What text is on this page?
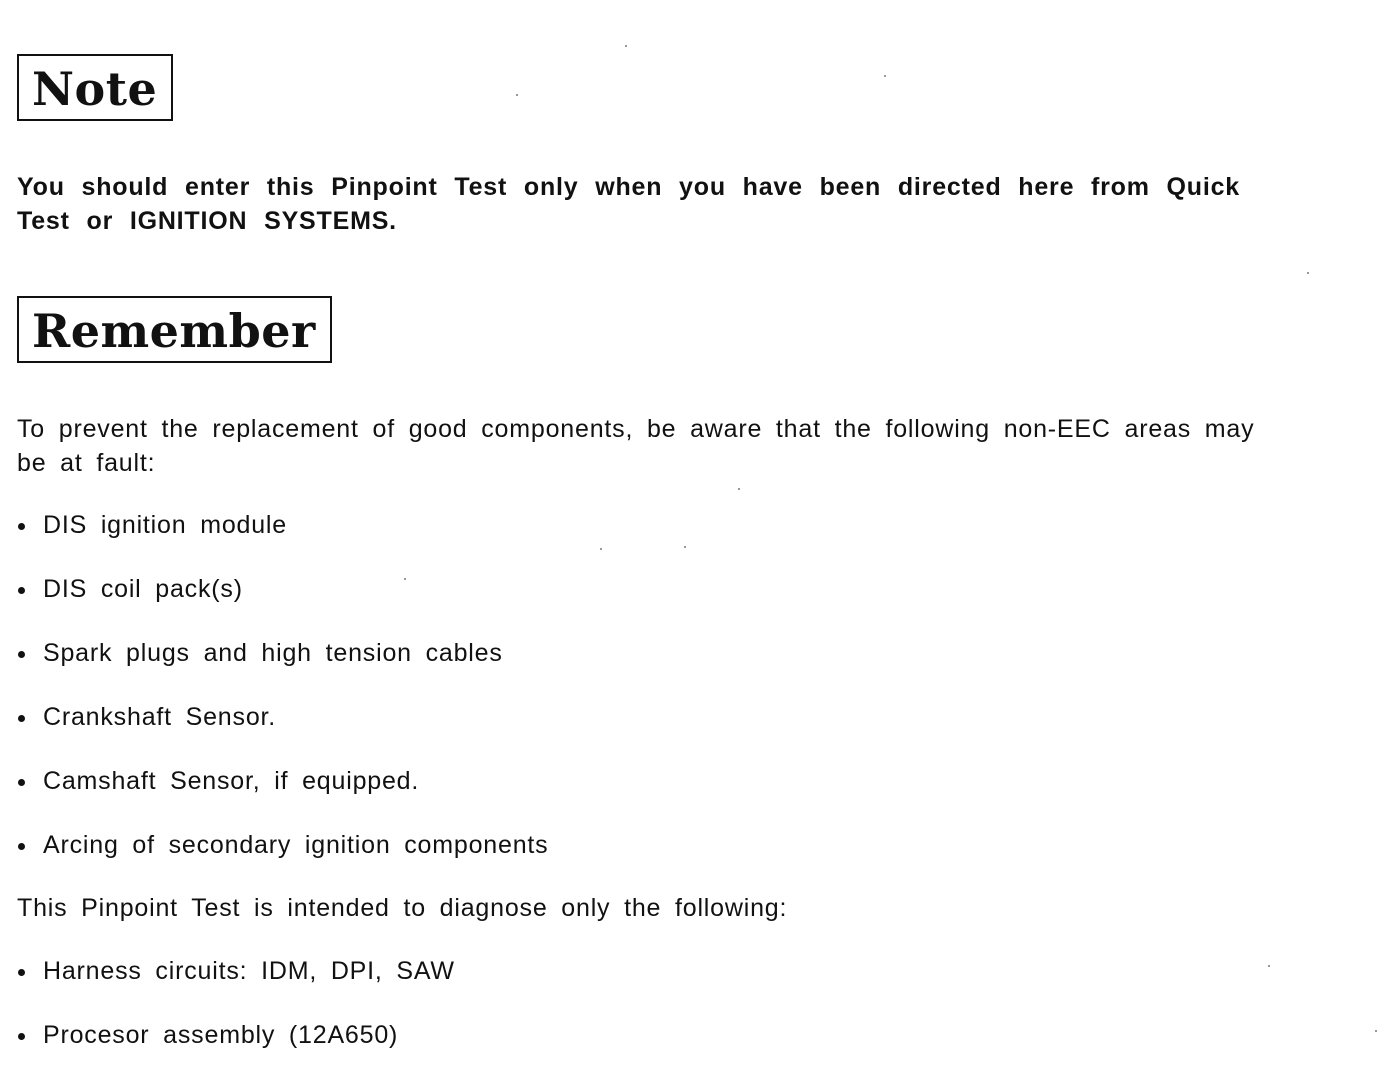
Note
You should enter this Pinpoint Test only when you have been directed here from Quick Test or IGNITION SYSTEMS.
Remember
To prevent the replacement of good components, be aware that the following non-EEC areas may be at fault:
DIS ignition module
DIS coil pack(s)
Spark plugs and high tension cables
Crankshaft Sensor.
Camshaft Sensor, if equipped.
Arcing of secondary ignition components
This Pinpoint Test is intended to diagnose only the following:
Harness circuits: IDM, DPI, SAW
Procesor assembly (12A650)
